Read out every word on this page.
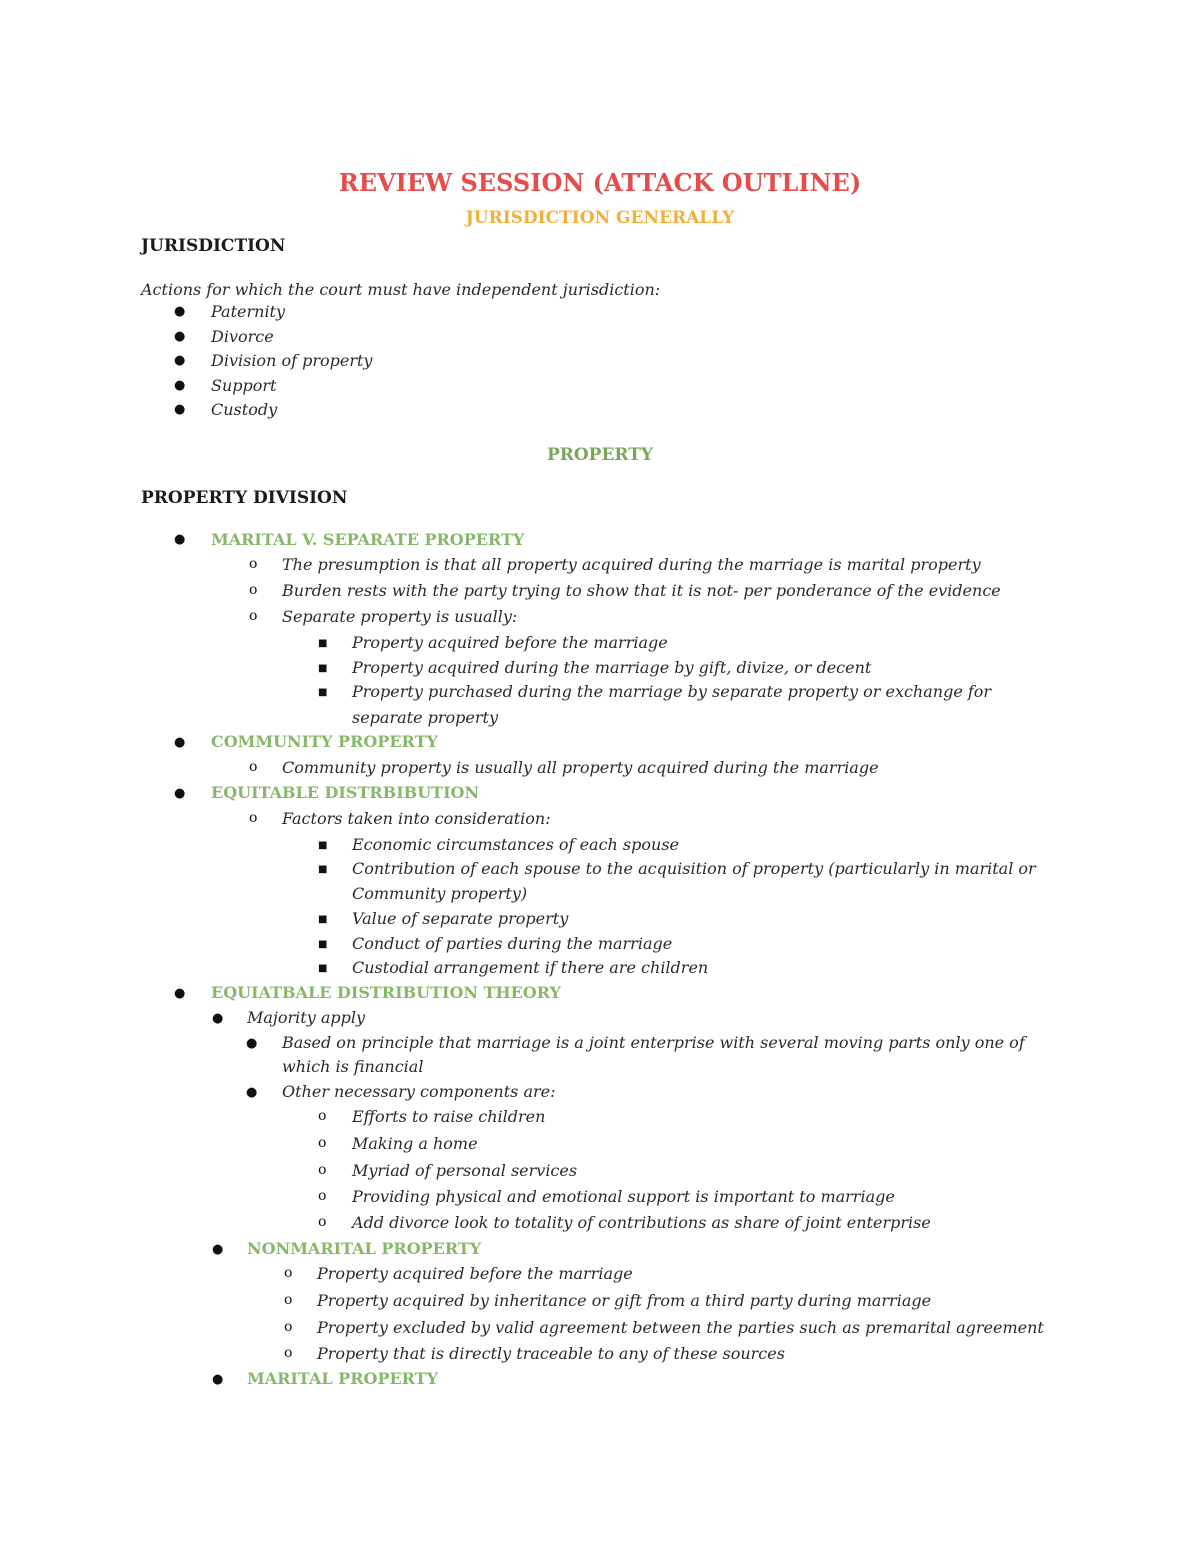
REVIEW SESSION (ATTACK OUTLINE)
JURISDICTION GENERALLY
JURISDICTION
Actions for which the court must have independent jurisdiction:
● Paternity
● Divorce
● Division of property
● Support
● Custody
PROPERTY
PROPERTY DIVISION
● MARITAL V. SEPARATE PROPERTY
o The presumption is that all property acquired during the marriage is marital property
o Burden rests with the party trying to show that it is not- per ponderance of the evidence
o Separate property is usually:
■ Property acquired before the marriage
■ Property acquired during the marriage by gift, divize, or decent
■ Property purchased during the marriage by separate property or exchange for
separate property
● COMMUNITY PROPERTY
o Community property is usually all property acquired during the marriage
● EQUITABLE DISTRBIBUTION
o Factors taken into consideration:
■ Economic circumstances of each spouse
■ Contribution of each spouse to the acquisition of property (particularly in marital or
Community property)
■ Value of separate property
■ Conduct of parties during the marriage
■ Custodial arrangement if there are children
● EQUIATBALE DISTRIBUTION THEORY
● Majority apply
● Based on principle that marriage is a joint enterprise with several moving parts only one of
which is financial
● Other necessary components are:
o Efforts to raise children
o Making a home
o Myriad of personal services
o Providing physical and emotional support is important to marriage
o Add divorce look to totality of contributions as share of joint enterprise
● NONMARITAL PROPERTY
o Property acquired before the marriage
o Property acquired by inheritance or gift from a third party during marriage
o Property excluded by valid agreement between the parties such as premarital agreement
o Property that is directly traceable to any of these sources
● MARITAL PROPERTY
